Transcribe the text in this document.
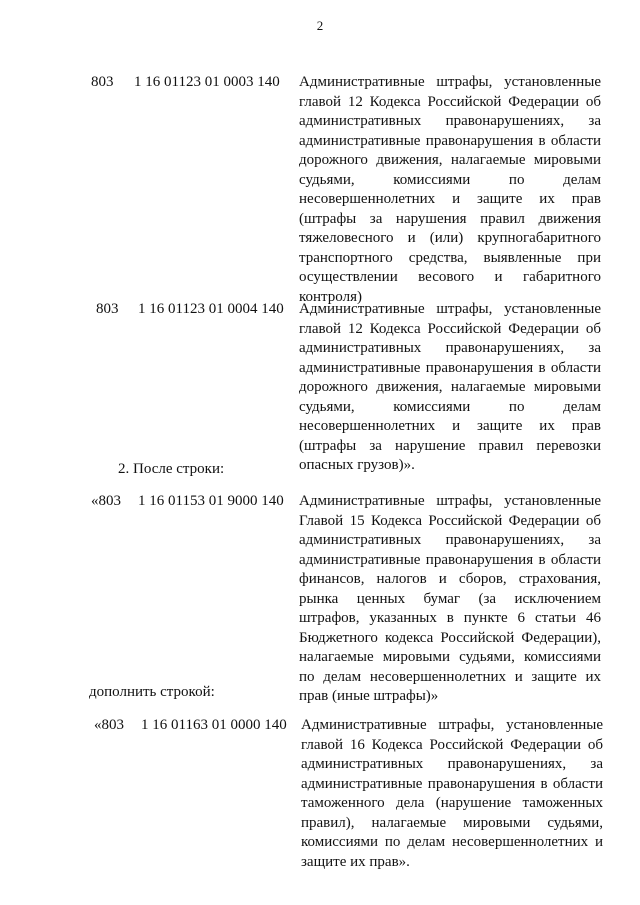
2
803 1 16 01123 01 0003 140 Административные штрафы, установленные
главой 12 Кодекса Российской Федерации об
административных правонарушениях, за
административные правонарушения в области
дорожного движения, налагаемые мировыми
судьями, комиссиями по делам
несовершеннолетних и защите их прав
(штрафы за нарушения правил движения
тяжеловесного и (или) крупногабаритного
транспортного средства, выявленные при
осуществлении весового и габаритного
контроля)
803 1 16 01123 01 0004 140 Административные штрафы, установленные
главой 12 Кодекса Российской Федерации об
административных правонарушениях, за
административные правонарушения в области
дорожного движения, налагаемые мировыми
судьями, комиссиями по делам
несовершеннолетних и защите их прав
(штрафы за нарушение правил перевозки
опасных грузов)».
2. После строки:
«803 1 16 01153 01 9000 140 Административные штрафы, установленные
Главой 15 Кодекса Российской Федерации об
административных правонарушениях, за
административные правонарушения в области
финансов, налогов и сборов, страхования,
рынка ценных бумаг (за исключением
штрафов, указанных в пункте 6 статьи 46
Бюджетного кодекса Российской Федерации),
налагаемые мировыми судьями, комиссиями
по делам несовершеннолетних и защите их
прав (иные штрафы)»
дополнить строкой:
«803 1 16 01163 01 0000 140 Административные штрафы, установленные
главой 16 Кодекса Российской Федерации об
административных правонарушениях, за
административные правонарушения в области
таможенного дела (нарушение таможенных
правил), налагаемые мировыми судьями,
комиссиями по делам несовершеннолетних и
защите их прав».
